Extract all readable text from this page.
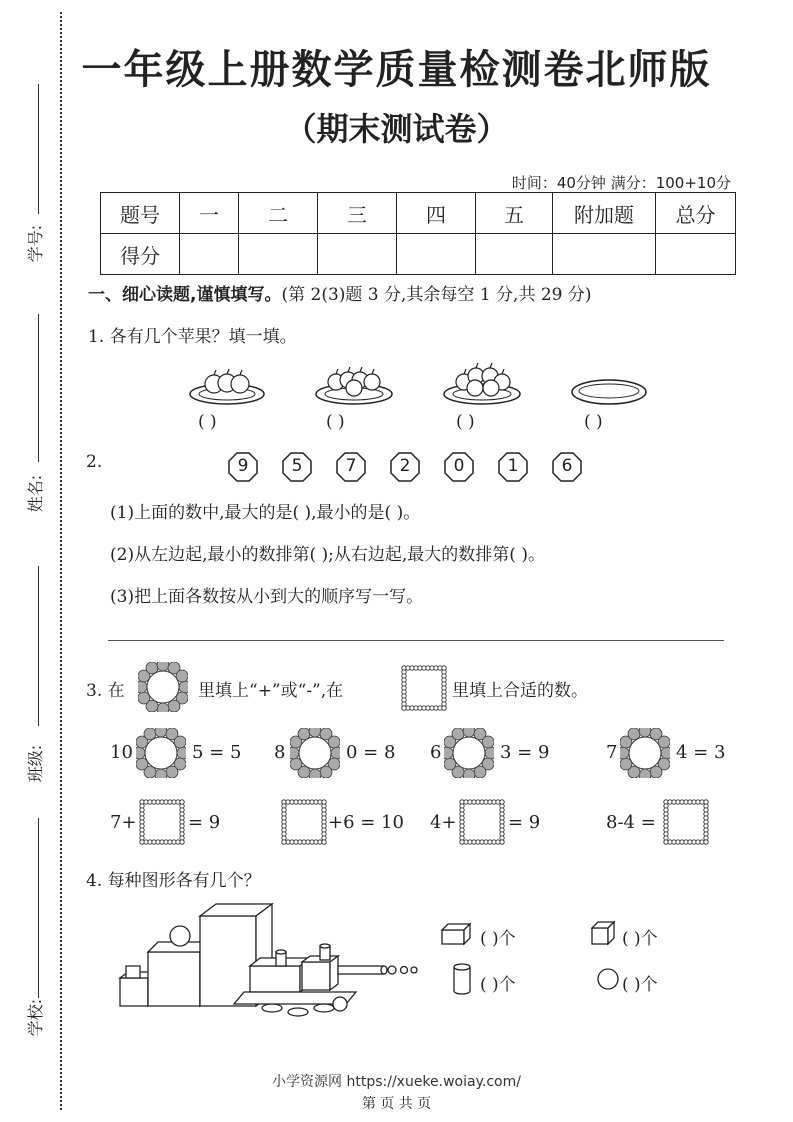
学号:
姓名:
班级:
学校:
一年级上册数学质量检测卷北师版
（期末测试卷）
时间：40分钟 满分：100+10分
题号	一	二	三	四	五	附加题	总分
得分							
一、细心读题,谨慎填写。(第 2(3)题 3 分,其余每空 1 分,共 29 分)
1. 各有几个苹果？填一填。
( )	( )	( )	( )
2.	9	5	7	2	0	1	6
(1)上面的数中,最大的是( ),最小的是( )。
(2)从左边起,最小的数排第( );从右边起,最大的数排第( )。
(3)把上面各数按从小到大的顺序写一写。
3. 在	里填上“+”或“-”,在	里填上合适的数。
10	5 = 5 8	0 = 8 6	3 = 9	7	4 = 3
7+	= 9	+6 = 10 4+	= 9	8-4 =
4. 每种图形各有几个？
( )个	( )个
( )个	( )个
小学资源网 https://xueke.woiay.com/
第 页 共 页
